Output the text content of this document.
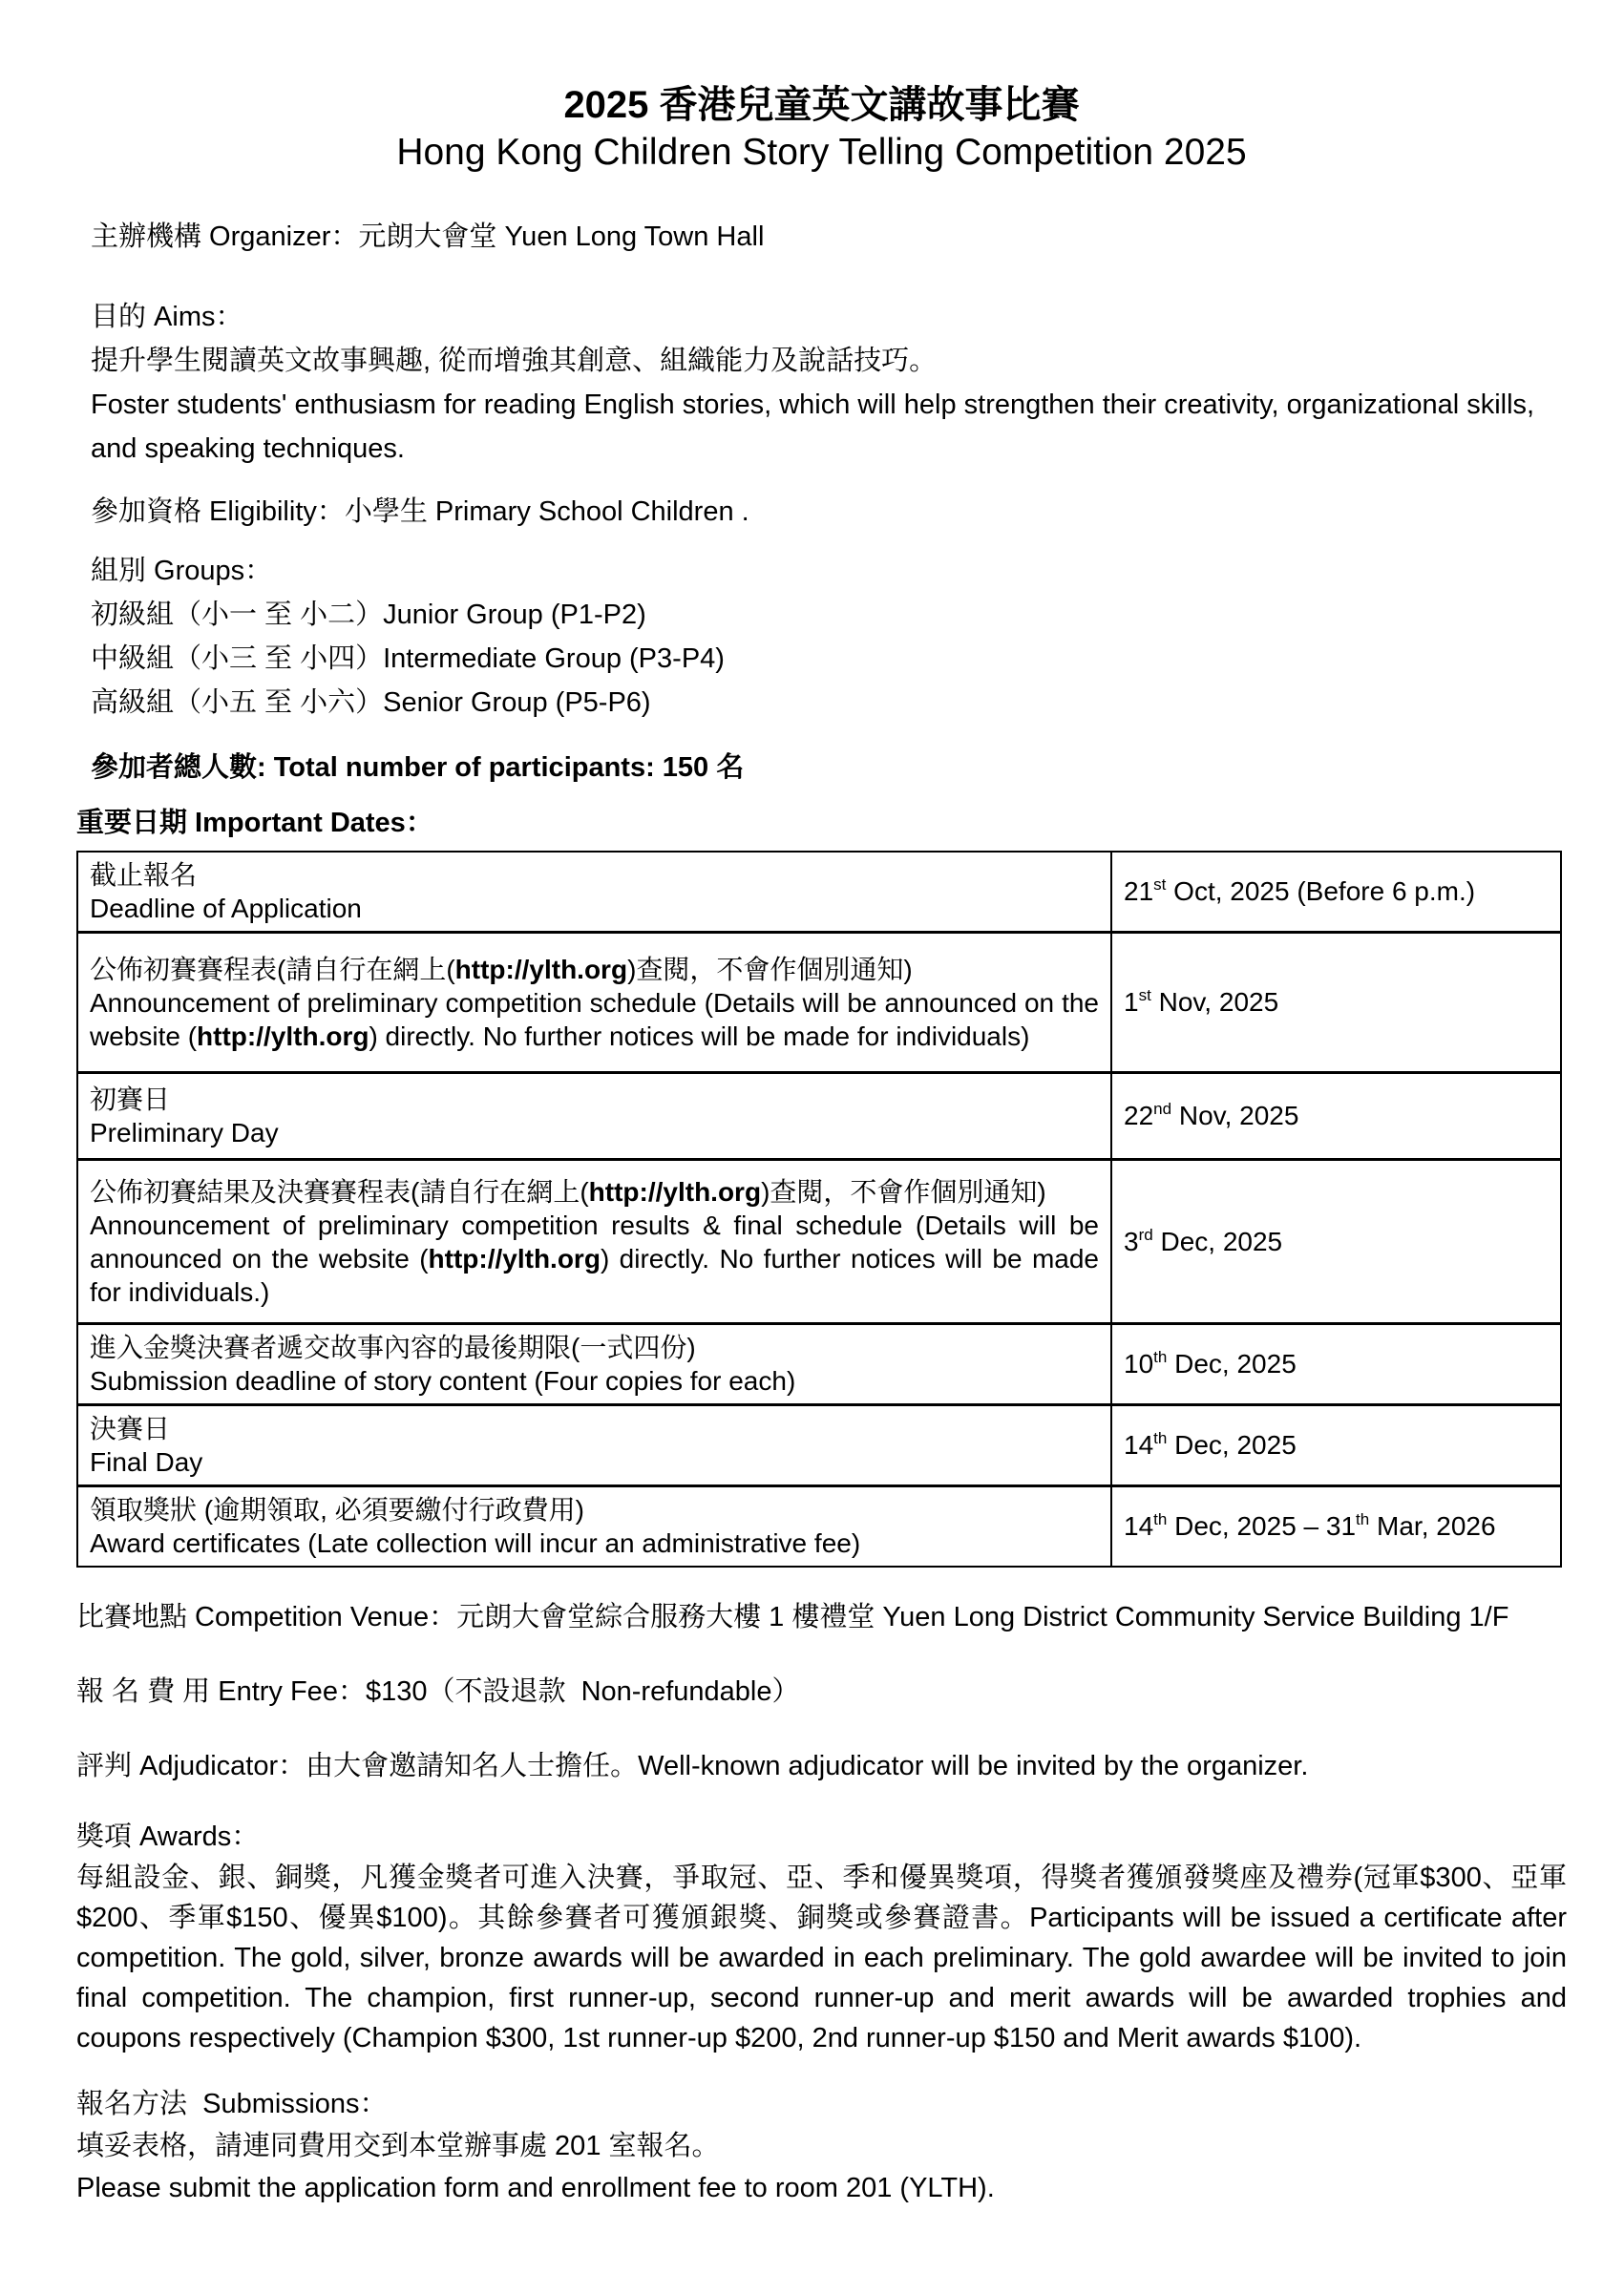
2025 香港兒童英文講故事比賽

Hong Kong Children Story Telling Competition 2025

主辦機構 Organizer：元朗大會堂 Yuen Long Town Hall

目的 Aims：

提升學生閱讀英文故事興趣, 從而增強其創意、組織能力及說話技巧。

Foster students' enthusiasm for reading English stories, which will help strengthen their creativity, organizational skills, and speaking techniques.

參加資格 Eligibility：小學生 Primary School Children .

組別 Groups：

初級組（小一 至 小二）Junior Group (P1-P2)

中級組（小三 至 小四）Intermediate Group (P3-P4)

高級組（小五 至 小六）Senior Group (P5-P6)

參加者總人數: Total number of participants: 150 名

重要日期 Important Dates：

截止報名
Deadline of Application	21st Oct, 2025 (Before 6 p.m.)

公佈初賽賽程表(請自行在網上(http://ylth.org)查閱，不會作個別通知)
Announcement of preliminary competition schedule (Details will be announced on the website (http://ylth.org) directly. No further notices will be made for individuals)	1st Nov, 2025

初賽日
Preliminary Day	22nd Nov, 2025

公佈初賽結果及決賽賽程表(請自行在網上(http://ylth.org)查閱，不會作個別通知)
Announcement of preliminary competition results & final schedule (Details will be announced on the website (http://ylth.org) directly. No further notices will be made for individuals.)	3rd Dec, 2025

進入金獎決賽者遞交故事內容的最後期限(一式四份)
Submission deadline of story content (Four copies for each)	10th Dec, 2025

決賽日
Final Day	14th Dec, 2025

領取獎狀 (逾期領取, 必須要繳付行政費用)
Award certificates (Late collection will incur an administrative fee)	14th Dec, 2025 – 31th Mar, 2026

比賽地點 Competition Venue：元朗大會堂綜合服務大樓 1 樓禮堂 Yuen Long District Community Service Building 1/F

報 名 費 用 Entry Fee：$130（不設退款  Non-refundable）

評判 Adjudicator：由大會邀請知名人士擔任。Well-known adjudicator will be invited by the organizer.

獎項 Awards：

每組設金、銀、銅獎，凡獲金獎者可進入決賽，爭取冠、亞、季和優異獎項，得獎者獲頒發獎座及禮券(冠軍$300、亞軍$200、季軍$150、優異$100)。其餘參賽者可獲頒銀獎、銅獎或參賽證書。Participants will be issued a certificate after competition. The gold, silver, bronze awards will be awarded in each preliminary. The gold awardee will be invited to join final competition. The champion, first runner-up, second runner-up and merit awards will be awarded trophies and coupons respectively (Champion $300, 1st runner-up $200, 2nd runner-up $150 and Merit awards $100).

報名方法  Submissions：

填妥表格，請連同費用交到本堂辦事處 201 室報名。

Please submit the application form and enrollment fee to room 201 (YLTH).
